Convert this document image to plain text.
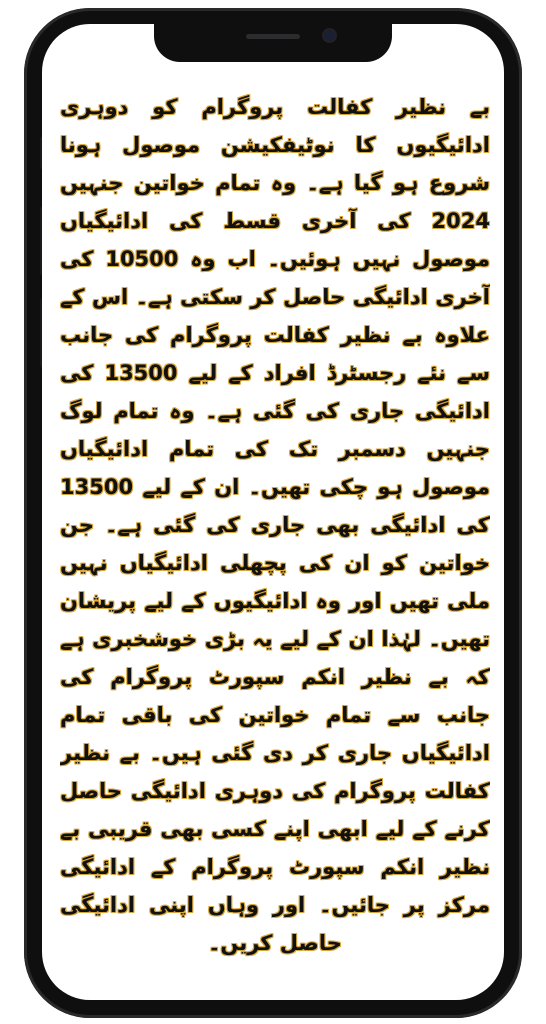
بے نظیر کفالت پروگرام کو دوہری ادائیگیوں کا نوٹیفکیشن موصول ہونا شروع ہو گیا ہے۔ وہ تمام خواتین جنہیں 2024 کی آخری قسط کی ادائیگیاں موصول نہیں ہوئیں۔ اب وہ 10500 کی آخری ادائیگی حاصل کر سکتی ہے۔ اس کے علاوہ بے نظیر کفالت پروگرام کی جانب سے نئے رجسٹرڈ افراد کے لیے 13500 کی ادائیگی جاری کی گئی ہے۔ وہ تمام لوگ جنہیں دسمبر تک کی تمام ادائیگیاں موصول ہو چکی تھیں۔ ان کے لیے 13500 کی ادائیگی بھی جاری کی گئی ہے۔ جن خواتین کو ان کی پچھلی ادائیگیاں نہیں ملی تھیں اور وہ ادائیگیوں کے لیے پریشان تھیں۔ لہٰذا ان کے لیے یہ بڑی خوشخبری ہے کہ بے نظیر انکم سپورٹ پروگرام کی جانب سے تمام خواتین کی باقی تمام ادائیگیاں جاری کر دی گئی ہیں۔ بے نظیر کفالت پروگرام کی دوہری ادائیگی حاصل کرنے کے لیے ابھی اپنے کسی بھی قریبی بے نظیر انکم سپورٹ پروگرام کے ادائیگی مرکز پر جائیں۔ اور وہاں اپنی ادائیگی حاصل کریں۔
